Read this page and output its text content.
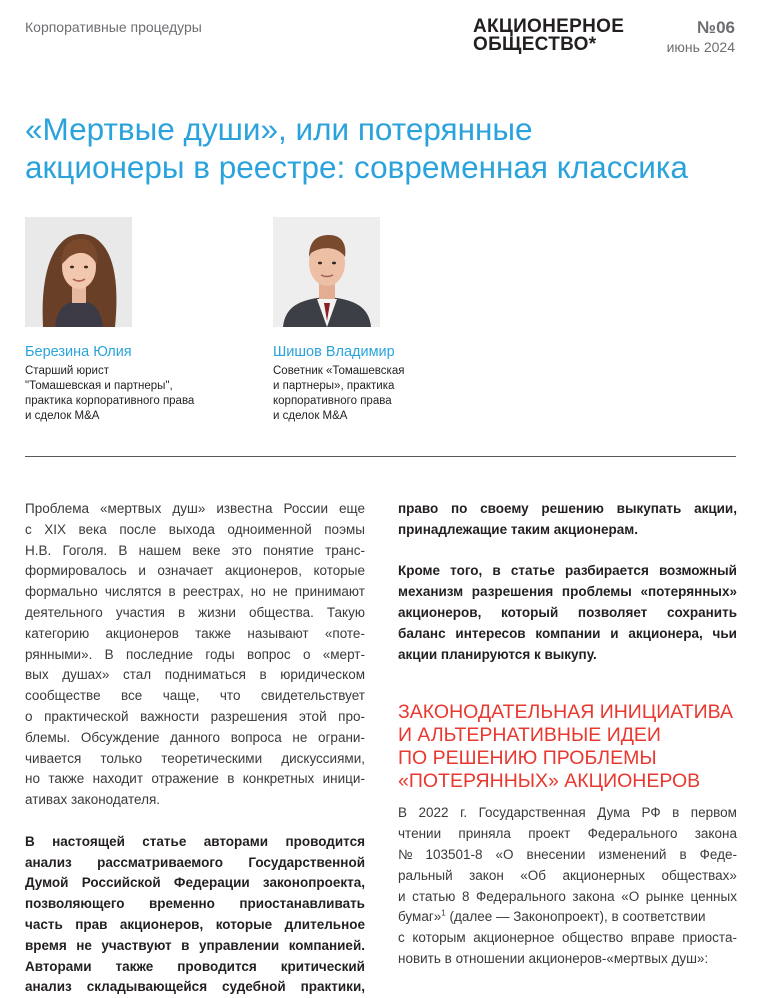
Корпоративные процедуры	АКЦИОНЕРНОЕ
ОБЩЕСТВО*
№06
июнь 2024
«Мертвые души», или потерянные
акционеры в реестре: современная классика
Березина Юлия
Старший юрист
"Томашевская и партнеры",
практика корпоративного права
и сделок M&A
Шишов Владимир
Советник «Томашевская
и партнеры», практика
корпоративного права
и сделок M&A
Проблема «мертвых душ» известна России еще
с XIX века после выхода одноименной поэмы
Н.В. Гоголя. В нашем веке это понятие транс-
формировалось и означает акционеров, которые
формально числятся в реестрах, но не принимают
деятельного участия в жизни общества. Такую
категорию акционеров также называют «поте-
рянными». В последние годы вопрос о «мерт-
вых душах» стал подниматься в юридическом
сообществе все чаще, что свидетельствует
о практической важности разрешения этой про-
блемы. Обсуждение данного вопроса не ограни-
чивается только теоретическими дискуссиями,
но также находит отражение в конкретных иници-
ативах законодателя.
В настоящей статье авторами проводится
анализ рассматриваемого Государственной
Думой Российской Федерации законопроекта,
позволяющего временно приостанавливать
часть прав акционеров, которые длительное
время не участвуют в управлении компанией.
Авторами также проводится критический
анализ складывающейся судебной практики,
право по своему решению выкупать акции,
принадлежащие таким акционерам.
Кроме того, в статье разбирается возможный
механизм разрешения проблемы «потерянных»
акционеров, который позволяет сохранить
баланс интересов компании и акционера, чьи
акции планируются к выкупу.
ЗАКОНОДАТЕЛЬНАЯ ИНИЦИАТИВА
И АЛЬТЕРНАТИВНЫЕ ИДЕИ
ПО РЕШЕНИЮ ПРОБЛЕМЫ
«ПОТЕРЯННЫХ» АКЦИОНЕРОВ
В 2022 г. Государственная Дума РФ в первом
чтении приняла проект Федерального закона
№ 103501-8 «О внесении изменений в Феде-
ральный закон «Об акционерных обществах»
и статью 8 Федерального закона «О рынке ценных
бумаг»$^1$ (далее — Законопроект), в соответствии
с которым акционерное общество вправе приоста-
новить в отношении акционеров-«мертвых душ»:
